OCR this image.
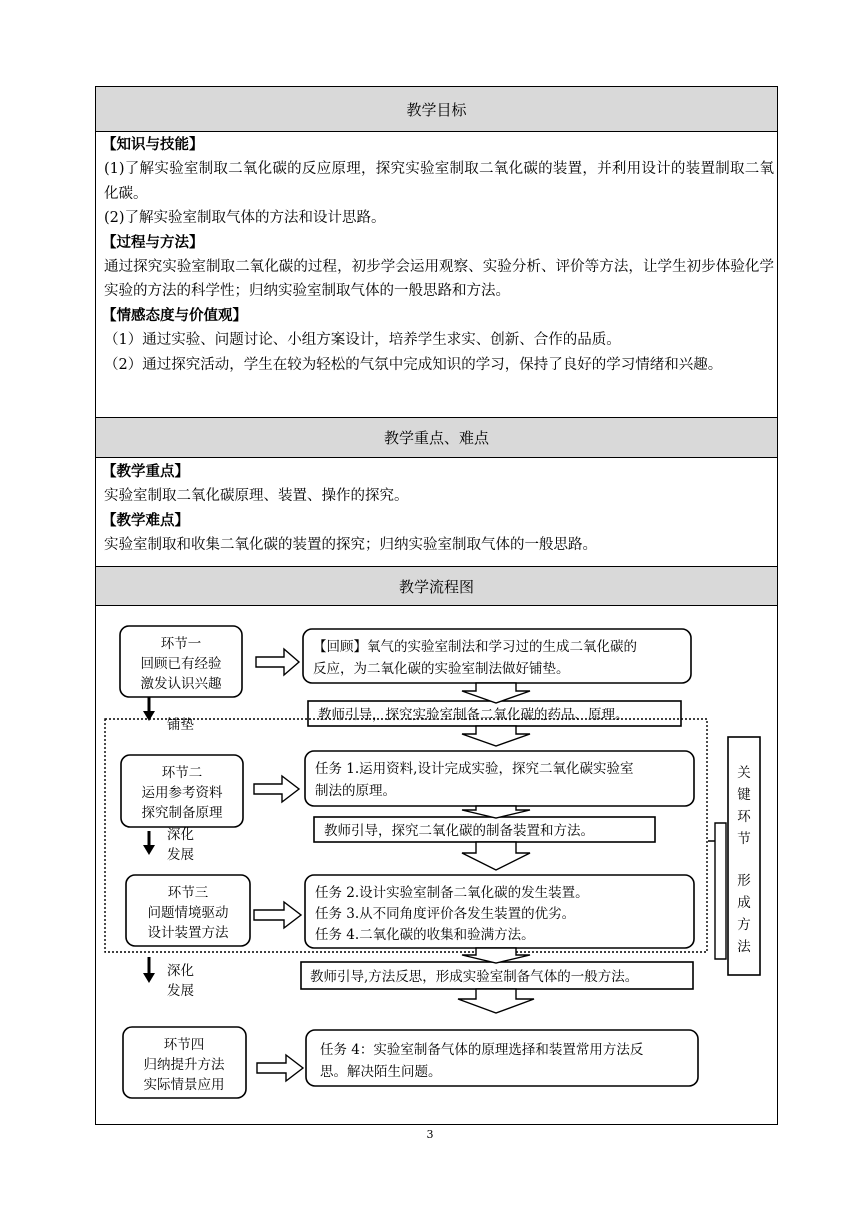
教学目标
【知识与技能】
(1)了解实验室制取二氧化碳的反应原理，探究实验室制取二氧化碳的装置，并利用设计的装置制取二氧化碳。
(2)了解实验室制取气体的方法和设计思路。
【过程与方法】
通过探究实验室制取二氧化碳的过程，初步学会运用观察、实验分析、评价等方法，让学生初步体验化学实验的方法的科学性；归纳实验室制取气体的一般思路和方法。
【情感态度与价值观】
（1）通过实验、问题讨论、小组方案设计，培养学生求实、创新、合作的品质。
（2）通过探究活动，学生在较为轻松的气氛中完成知识的学习，保持了良好的学习情绪和兴趣。
教学重点、难点
【教学重点】
实验室制取二氧化碳原理、装置、操作的探究。
【教学难点】
实验室制取和收集二氧化碳的装置的探究；归纳实验室制取气体的一般思路。
教学流程图
环节一
回顾已有经验
激发认识兴趣
环节二
运用参考资料
探究制备原理
环节三
问题情境驱动
设计装置方法
环节四
归纳提升方法
实际情景应用
【回顾】氧气的实验室制法和学习过的生成二氧化碳的
反应，为二氧化碳的实验室制法做好铺垫。
任务 1.运用资料,设计完成实验，探究二氧化碳实验室
制法的原理。
任务 2.设计实验室制备二氧化碳的发生装置。
任务 3.从不同角度评价各发生装置的优劣。
任务 4.二氧化碳的收集和验满方法。
任务 4：实验室制备气体的原理选择和装置常用方法反
思。解决陌生问题。
教师引导，探究实验室制备二氧化碳的药品、原理。
教师引导，探究二氧化碳的制备装置和方法。
教师引导,方法反思，形成实验室制备气体的一般方法。
铺垫
深化
发展
深化
发展
关
键
环
节
形
成
方
法
3
